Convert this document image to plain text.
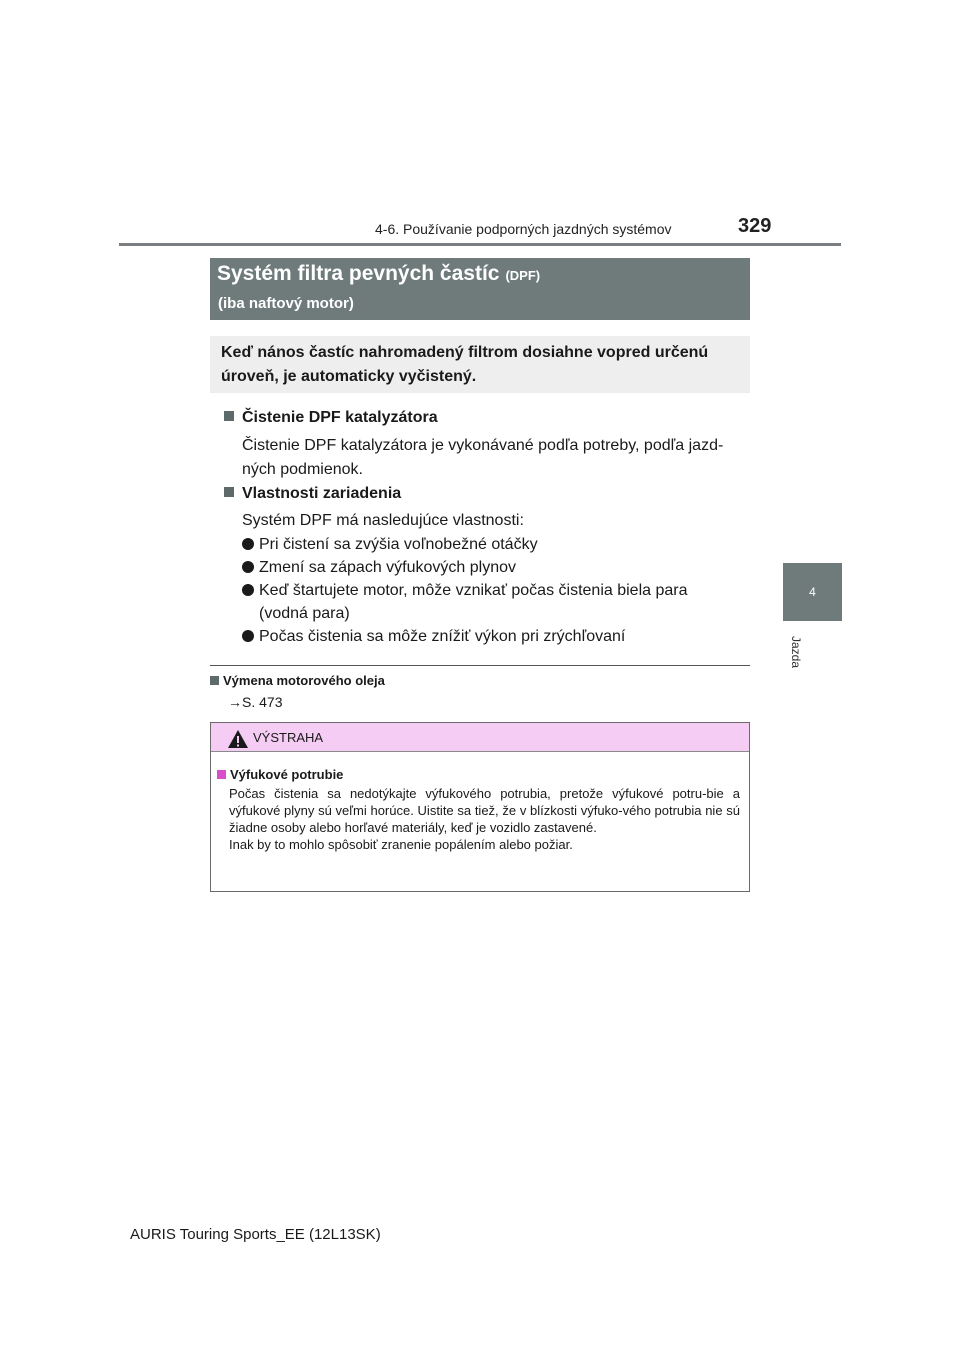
4-6. Používanie podporných jazdných systémov	329
4
Jazda
Systém filtra pevných častíc (DPF)
(iba naftový motor)
Keď nános častíc nahromadený filtrom dosiahne vopred určenú úroveň, je automaticky vyčistený.
Čistenie DPF katalyzátora
Čistenie DPF katalyzátora je vykonávané podľa potreby, podľa jazd-ných podmienok.
Vlastnosti zariadenia
Systém DPF má nasledujúce vlastnosti:
Pri čistení sa zvýšia voľnobežné otáčky
Zmení sa zápach výfukových plynov
Keď štartujete motor, môže vznikať počas čistenia biela para (vodná para)
Počas čistenia sa môže znížiť výkon pri zrýchľovaní
Výmena motorového oleja
→S. 473
VÝSTRAHA
Výfukové potrubie
Počas čistenia sa nedotýkajte výfukového potrubia, pretože výfukové potru-bie a výfukové plyny sú veľmi horúce. Uistite sa tiež, že v blízkosti výfuko-vého potrubia nie sú žiadne osoby alebo horľavé materiály, keď je vozidlo zastavené.
Inak by to mohlo spôsobiť zranenie popálením alebo požiar.
AURIS Touring Sports_EE (12L13SK)
